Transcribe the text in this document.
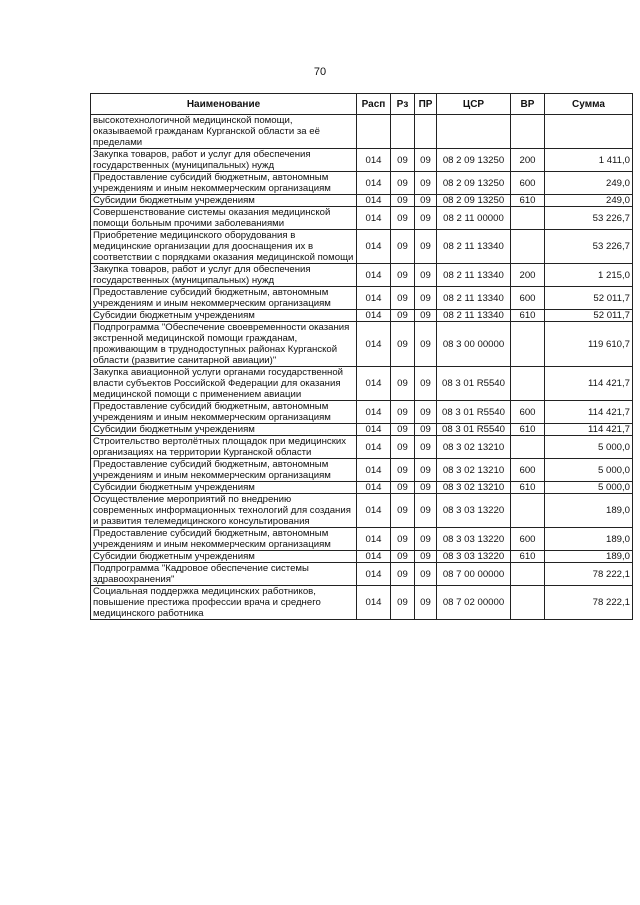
70
Наименование	Расп	Рз	ПР	ЦСР	ВР	Сумма
высокотехнологичной медицинской помощи, оказываемой гражданам Курганской области за её пределами						
Закупка товаров, работ и услуг для обеспечения государственных (муниципальных) нужд	014	09	09	08 2 09 13250	200	1 411,0
Предоставление субсидий бюджетным, автономным учреждениям и иным некоммерческим организациям	014	09	09	08 2 09 13250	600	249,0
Субсидии бюджетным учреждениям	014	09	09	08 2 09 13250	610	249,0
Совершенствование системы оказания медицинской помощи больным прочими заболеваниями	014	09	09	08 2 11 00000		53 226,7
Приобретение медицинского оборудования в медицинские организации для дооснащения их в соответствии с порядками оказания медицинской помощи	014	09	09	08 2 11 13340		53 226,7
Закупка товаров, работ и услуг для обеспечения государственных (муниципальных) нужд	014	09	09	08 2 11 13340	200	1 215,0
Предоставление субсидий бюджетным, автономным учреждениям и иным некоммерческим организациям	014	09	09	08 2 11 13340	600	52 011,7
Субсидии бюджетным учреждениям	014	09	09	08 2 11 13340	610	52 011,7
Подпрограмма "Обеспечение своевременности оказания экстренной медицинской помощи гражданам, проживающим в труднодоступных районах Курганской области (развитие санитарной авиации)"	014	09	09	08 3 00 00000		119 610,7
Закупка авиационной услуги органами государственной власти субъектов Российской Федерации для оказания медицинской помощи с применением авиации	014	09	09	08 3 01 R5540		114 421,7
Предоставление субсидий бюджетным, автономным учреждениям и иным некоммерческим организациям	014	09	09	08 3 01 R5540	600	114 421,7
Субсидии бюджетным учреждениям	014	09	09	08 3 01 R5540	610	114 421,7
Строительство вертолётных площадок при медицинских организациях на территории Курганской области	014	09	09	08 3 02 13210		5 000,0
Предоставление субсидий бюджетным, автономным учреждениям и иным некоммерческим организациям	014	09	09	08 3 02 13210	600	5 000,0
Субсидии бюджетным учреждениям	014	09	09	08 3 02 13210	610	5 000,0
Осуществление мероприятий по внедрению современных информационных технологий для создания и развития телемедицинского консультирования	014	09	09	08 3 03 13220		189,0
Предоставление субсидий бюджетным, автономным учреждениям и иным некоммерческим организациям	014	09	09	08 3 03 13220	600	189,0
Субсидии бюджетным учреждениям	014	09	09	08 3 03 13220	610	189,0
Подпрограмма "Кадровое обеспечение системы здравоохранения"	014	09	09	08 7 00 00000		78 222,1
Социальная поддержка медицинских работников, повышение престижа профессии врача и среднего медицинского работника	014	09	09	08 7 02 00000		78 222,1
